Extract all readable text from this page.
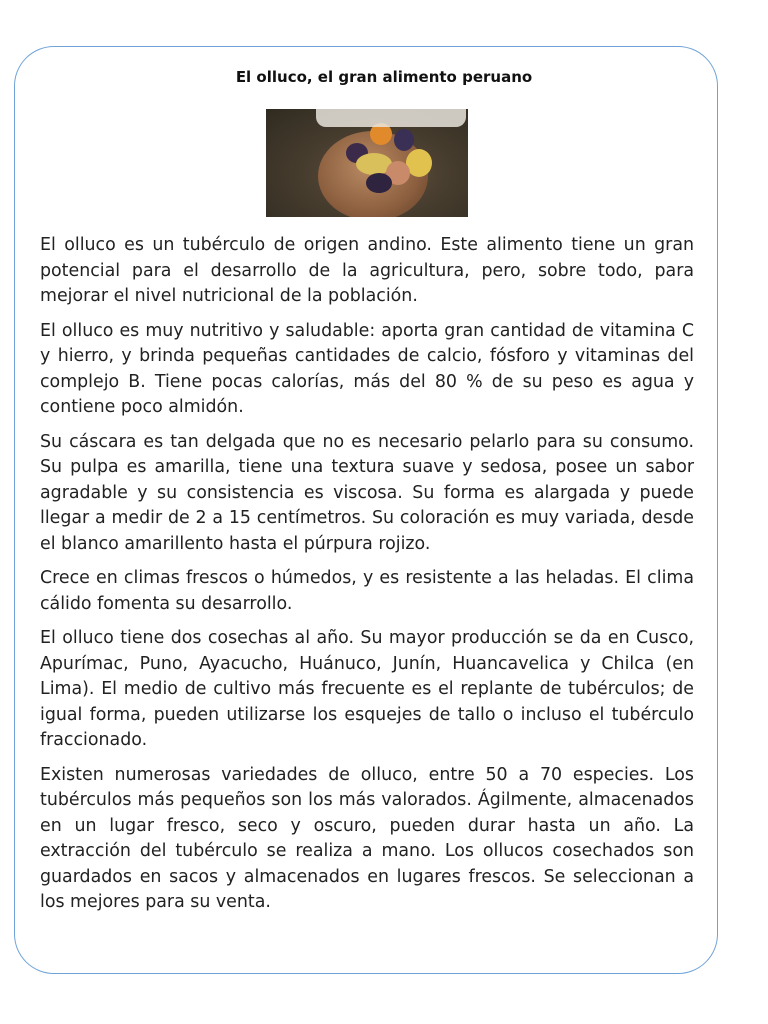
El olluco, el gran alimento peruano

El olluco es un tubérculo de origen andino. Este alimento tiene un gran potencial para el desarrollo de la agricultura, pero, sobre todo, para mejorar el nivel nutricional de la población.

El olluco es muy nutritivo y saludable: aporta gran cantidad de vitamina C y hierro, y brinda pequeñas cantidades de calcio, fósforo y vitaminas del complejo B. Tiene pocas calorías, más del 80 % de su peso es agua y contiene poco almidón.

Su cáscara es tan delgada que no es necesario pelarlo para su consumo. Su pulpa es amarilla, tiene una textura suave y sedosa, posee un sabor agradable y su consistencia es viscosa. Su forma es alargada y puede llegar a medir de 2 a 15 centímetros. Su coloración es muy variada, desde el blanco amarillento hasta el púrpura rojizo.

Crece en climas frescos o húmedos, y es resistente a las heladas. El clima cálido fomenta su desarrollo.

El olluco tiene dos cosechas al año. Su mayor producción se da en Cusco, Apurímac, Puno, Ayacucho, Huánuco, Junín, Huancavelica y Chilca (en Lima). El medio de cultivo más frecuente es el replante de tubérculos; de igual forma, pueden utilizarse los esquejes de tallo o incluso el tubérculo fraccionado.

Existen numerosas variedades de olluco, entre 50 a 70 especies. Los tubérculos más pequeños son los más valorados. Ágilmente, almacenados en un lugar fresco, seco y oscuro, pueden durar hasta un año. La extracción del tubérculo se realiza a mano. Los ollucos cosechados son guardados en sacos y almacenados en lugares frescos. Se seleccionan a los mejores para su venta.
